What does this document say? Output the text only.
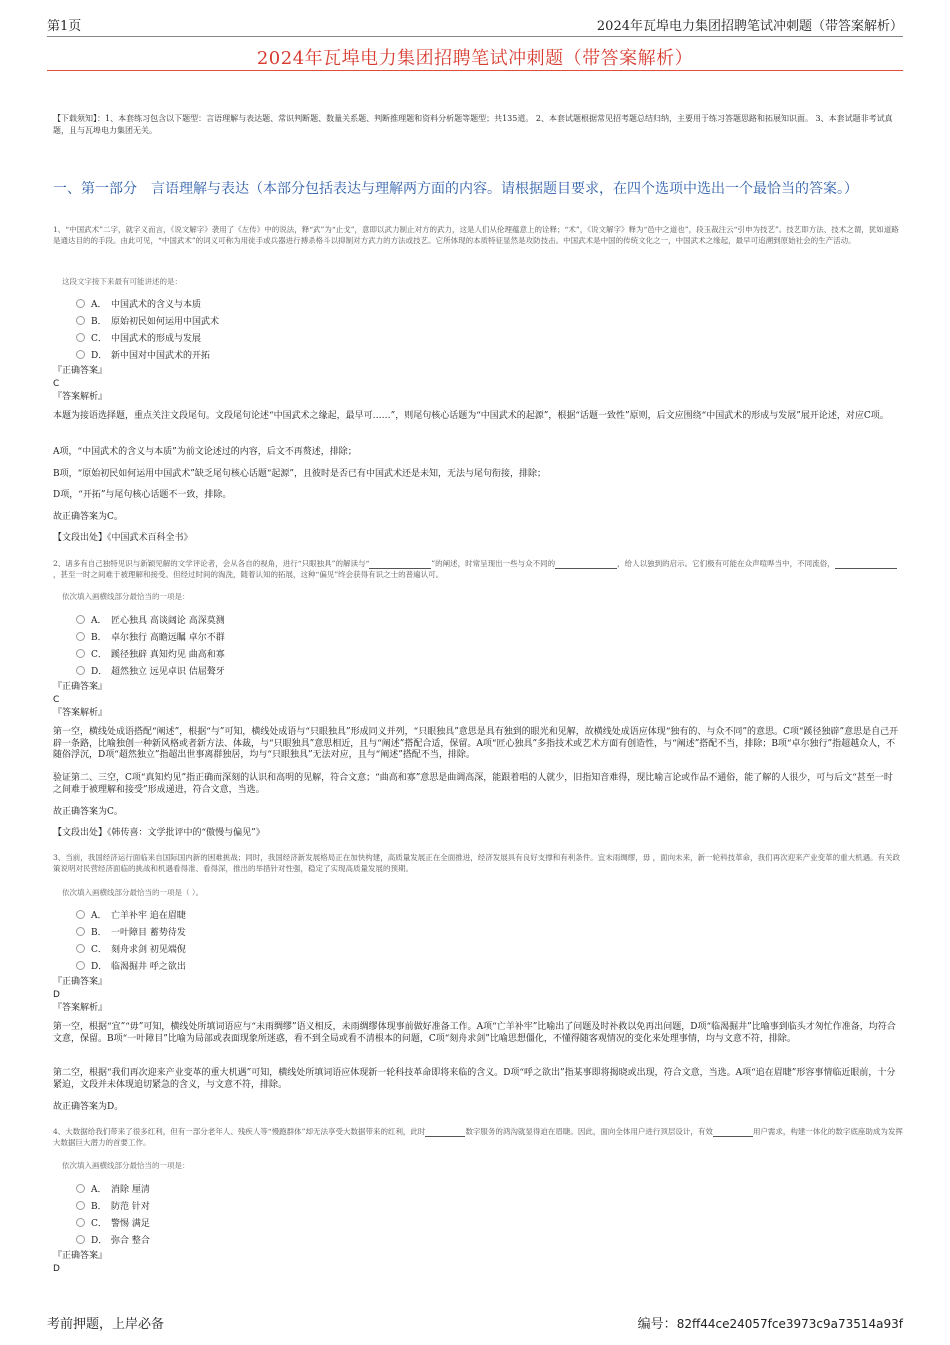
第1页	2024年瓦埠电力集团招聘笔试冲刺题（带答案解析）
2024年瓦埠电力集团招聘笔试冲刺题（带答案解析）
【下载须知】：1、本套练习包含以下题型：言语理解与表达题、常识判断题、数量关系题、判断推理题和资料分析题等题型；共135道。 2、本套试题根据常见招考题总结归纳，主要用于练习答题思路和拓展知识面。 3、本套试题非考试真题，且与瓦埠电力集团无关。
一、第一部分　言语理解与表达（本部分包括表达与理解两方面的内容。请根据题目要求，在四个选项中选出一个最恰当的答案。）
1、“中国武术”二字，就字义而言，《说文解字》袭用了《左传》中的说法，释“武”为“止戈”，意即以武力制止对方的武力，这是人们从伦理蕴意上的诠释；“术”，《说文解字》释为“邑中之道也”，段玉裁注云“引申为技艺”。技艺即方法、技术之谓，犹如道路是通达目的的手段。由此可见，“中国武术”的词义可称为用徒手或兵器进行搏杀格斗以抑制对方武力的方法或技艺。它所体现的本质特征显然是攻防技击。中国武术是中国的传统文化之一，中国武术之缘起，最早可追溯到原始社会的生产活动。
这段文字接下来最有可能讲述的是：
A． 中国武术的含义与本质
B． 原始初民如何运用中国武术
C． 中国武术的形成与发展
D． 新中国对中国武术的开拓
『正确答案』
C
『答案解析』
本题为接语选择题，重点关注文段尾句。文段尾句论述“中国武术之缘起，最早可……”，则尾句核心话题为“中国武术的起源”，根据“话题一致性”原则，后文应围绕“中国武术的形成与发展”展开论述，对应C项。
A项，“中国武术的含义与本质”为前文论述过的内容，后文不再赘述，排除；
B项，“原始初民如何运用中国武术”缺乏尾句核心话题“起源”，且彼时是否已有中国武术还是未知，无法与尾句衔接，排除；
D项，“开拓”与尾句核心话题不一致，排除。
故正确答案为C。
【文段出处】《中国武术百科全书》
2、诸多有自己独特见识与新颖见解的文学评论者，会从各自的视角，进行“只眼独具”的解读与“	”的阐述，时常呈现出一些与众不同的	，给人以独到的启示。它们极有可能在众声喧哗当中，不同流俗，，甚至一时之间难于被理解和接受。但经过时间的淘洗，随着认知的拓展，这种“偏见”终会获得有识之士的普遍认可。
依次填入画横线部分最恰当的一项是：
A． 匠心独具 高谈阔论 高深莫测
B． 卓尔独行 高瞻远瞩 卓尔不群
C． 蹊径独辟 真知灼见 曲高和寡
D． 超然独立 远见卓识 佶屈聱牙
『正确答案』
C
『答案解析』
第一空，横线处成语搭配“阐述”，根据“与”可知，横线处成语与“只眼独具”形成同义并列，“只眼独具”意思是具有独到的眼光和见解，故横线处成语应体现“独有的、与众不同”的意思。C项“蹊径独辟”意思是自己开辟一条路，比喻独创一种新风格或者新方法、体裁，与“只眼独具”意思相近，且与“阐述”搭配合适，保留。A项“匠心独具”多指技术或艺术方面有创造性，与“阐述”搭配不当，排除；B项“卓尔独行”指超越众人，不随俗浮沉，D项“超然独立”指超出世事离群独居，均与“只眼独具”无法对应，且与“阐述”搭配不当，排除。
验证第二、三空，C项“真知灼见”指正确而深刻的认识和高明的见解，符合文意；“曲高和寡”意思是曲调高深，能跟着唱的人就少，旧指知音难得，现比喻言论或作品不通俗，能了解的人很少，可与后文“甚至一时之间难于被理解和接受”形成递进，符合文意，当选。
故正确答案为C。
【文段出处】《韩传喜：文学批评中的“傲慢与偏见”》
3、当前，我国经济运行面临来自国际国内新的困难挑战；同时，我国经济新发展格局正在加快构建，高质量发展正在全面推进，经济发展具有良好支撑和有利条件。宜未雨绸缪，毋 ，面向未来，新一轮科技革命，我们再次迎来产业变革的重大机遇。有关政策说明对民营经济面临的挑战和机遇看得准、看得深，推出的举措针对性强，稳定了实现高质量发展的预期。
依次填入画横线部分最恰当的一项是（ ）。
A． 亡羊补牢 追在眉睫
B． 一叶障目 蓄势待发
C． 刻舟求剑 初见端倪
D． 临渴掘井 呼之欲出
『正确答案』
D
『答案解析』
第一空，根据“宜”“毋”可知，横线处所填词语应与“未雨绸缪”语义相反，未雨绸缪体现事前做好准备工作。A项“亡羊补牢”比喻出了问题及时补救以免再出问题，D项“临渴掘井”比喻事到临头才匆忙作准备，均符合文意，保留。B项“一叶障目”比喻为局部或表面现象所迷惑，看不到全局或看不清根本的问题，C项“刻舟求剑”比喻思想僵化，不懂得随客观情况的变化来处理事情，均与文意不符，排除。
第二空，根据“我们再次迎来产业变革的重大机遇”可知，横线处所填词语应体现新一轮科技革命即将来临的含义。D项“呼之欲出”指某事即将揭晓或出现，符合文意，当选。A项“追在眉睫”形容事情临近眼前，十分紧迫，文段并未体现追切紧急的含义，与文意不符，排除。
故正确答案为D。
4、大数据给我们带来了很多红利，但有一部分老年人、残疾人等“慢跑群体”却无法享受大数据带来的红利，此时	数字服务的鸿沟就显得迫在眉睫。因此，面向全体用户进行顶层设计，有效	用户需求，构建一体化的数字底座助成为发挥大数据巨大潜力的首要工作。
依次填入画横线部分最恰当的一项是：
A． 消除 厘清
B． 防范 针对
C． 警惕 满足
D． 弥合 整合
『正确答案』
D
考前押题，上岸必备	编号：82ff44ce24057fce3973c9a73514a93f
